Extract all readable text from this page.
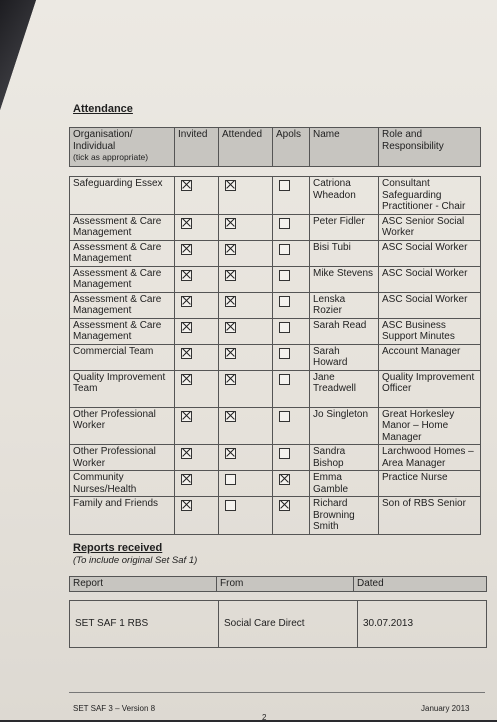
Attendance
Organisation/
Individual
(tick as appropriate)	Invited	Attended	Apols	Name	Role and Responsibility
Safeguarding Essex				Catriona Wheadon	Consultant Safeguarding Practitioner - Chair
Assessment & Care Management				Peter Fidler	ASC Senior Social Worker
Assessment & Care Management				Bisi Tubi	ASC Social Worker
Assessment & Care Management				Mike Stevens	ASC Social Worker
Assessment & Care Management				Lenska Rozier	ASC Social Worker
Assessment & Care Management				Sarah Read	ASC Business Support Minutes
Commercial Team				Sarah Howard	Account Manager
Quality Improvement Team				Jane Treadwell	Quality Improvement Officer
Other Professional Worker				Jo Singleton	Great Horkesley Manor – Home Manager
Other Professional Worker				Sandra Bishop	Larchwood Homes – Area Manager
Community Nurses/Health				Emma Gamble	Practice Nurse
Family and Friends				Richard Browning Smith	Son of RBS Senior
Reports received
(To include original Set Saf 1)
Report	From	Dated
SET SAF 1 RBS	Social Care Direct	30.07.2013
SET SAF 3 – Version 8	January 2013
2
